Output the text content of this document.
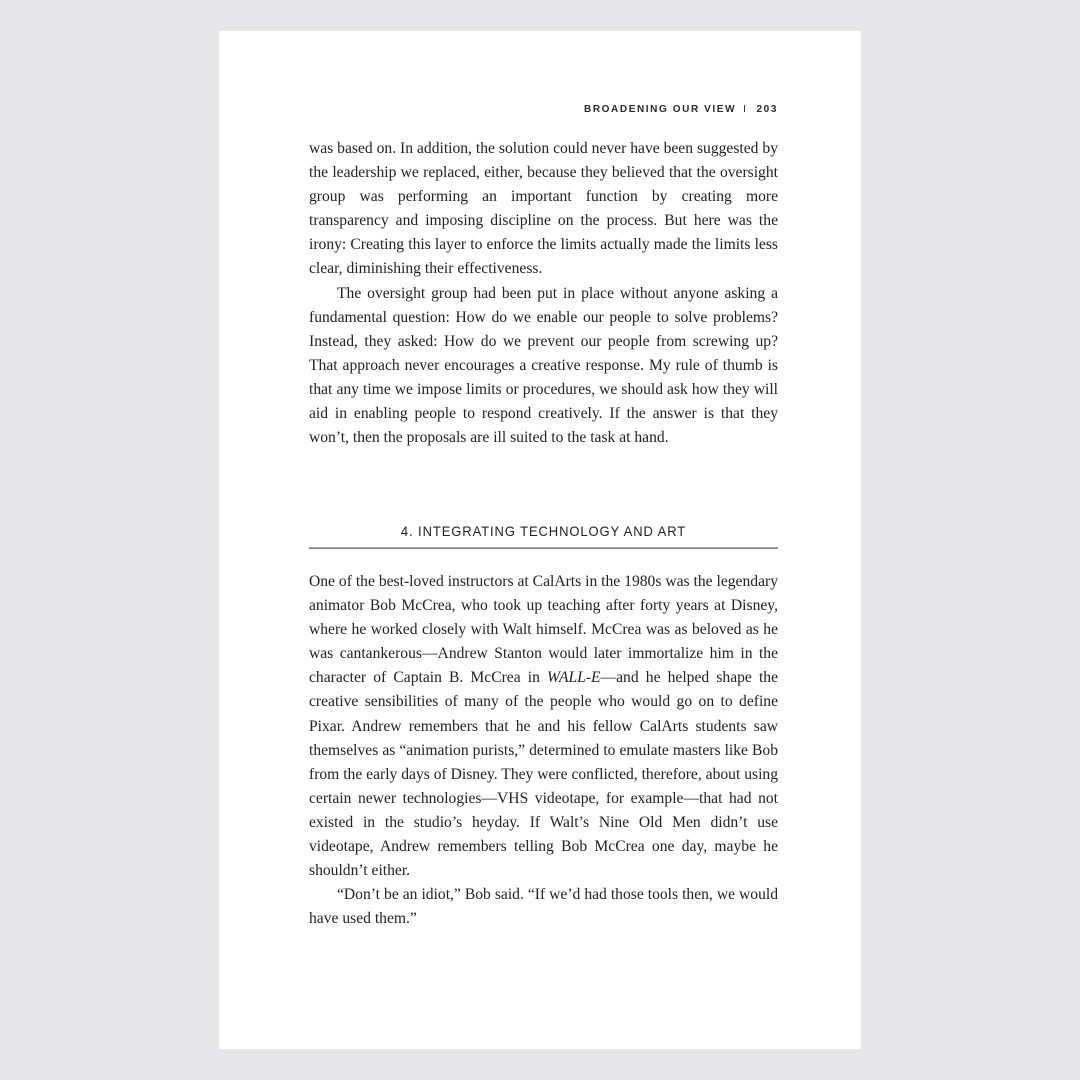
BROADENING OUR VIEW I 203

was based on. In addition, the solution could never have been suggested by the leadership we replaced, either, because they believed that the oversight group was performing an important function by creating more transparency and imposing discipline on the process. But here was the irony: Creating this layer to enforce the limits actually made the limits less clear, diminishing their effectiveness.

The oversight group had been put in place without anyone asking a fundamental question: How do we enable our people to solve problems? Instead, they asked: How do we prevent our people from screwing up? That approach never encourages a creative response. My rule of thumb is that any time we impose limits or procedures, we should ask how they will aid in enabling people to respond creatively. If the answer is that they won’t, then the proposals are ill suited to the task at hand.

4. INTEGRATING TECHNOLOGY AND ART

One of the best-loved instructors at CalArts in the 1980s was the legendary animator Bob McCrea, who took up teaching after forty years at Disney, where he worked closely with Walt himself. McCrea was as beloved as he was cantankerous—Andrew Stanton would later immortalize him in the character of Captain B. McCrea in WALL-E—and he helped shape the creative sensibilities of many of the people who would go on to define Pixar. Andrew remembers that he and his fellow CalArts students saw themselves as “animation purists,” determined to emulate masters like Bob from the early days of Disney. They were conflicted, therefore, about using certain newer technologies—VHS videotape, for example—that had not existed in the studio’s heyday. If Walt’s Nine Old Men didn’t use videotape, Andrew remembers telling Bob McCrea one day, maybe he shouldn’t either.

“Don’t be an idiot,” Bob said. “If we’d had those tools then, we would have used them.”
